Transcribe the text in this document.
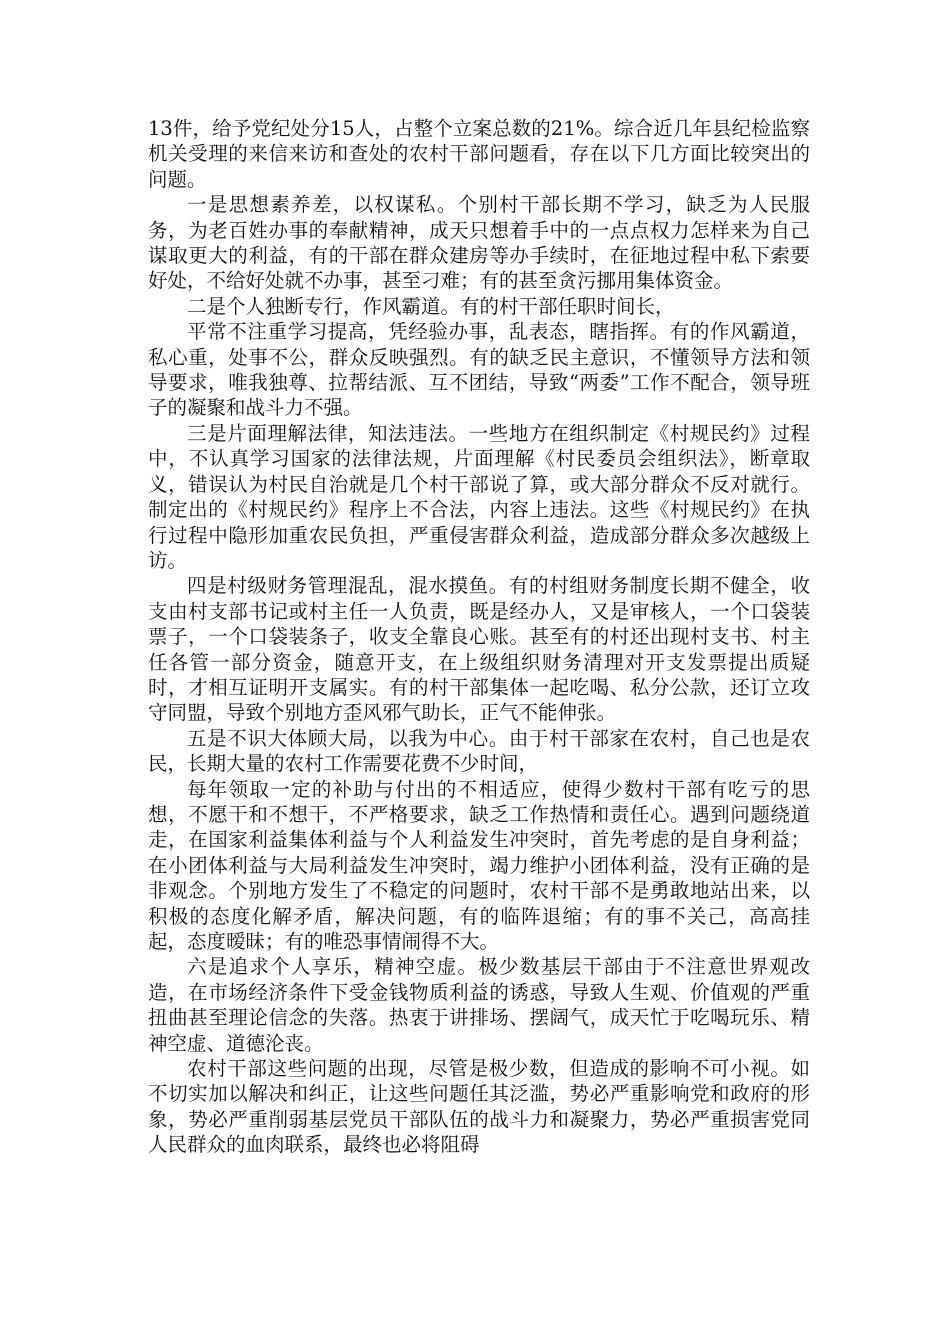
13件，给予党纪处分15人，占整个立案总数的21%。综合近几年县纪检监察机关受理的来信来访和查处的农村干部问题看，存在以下几方面比较突出的问题。

一是思想素养差，以权谋私。个别村干部长期不学习，缺乏为人民服务，为老百姓办事的奉献精神，成天只想着手中的一点点权力怎样来为自己谋取更大的利益，有的干部在群众建房等办手续时，在征地过程中私下索要好处，不给好处就不办事，甚至刁难；有的甚至贪污挪用集体资金。

二是个人独断专行，作风霸道。有的村干部任职时间长，

平常不注重学习提高，凭经验办事，乱表态，瞎指挥。有的作风霸道，私心重，处事不公，群众反映强烈。有的缺乏民主意识，不懂领导方法和领导要求，唯我独尊、拉帮结派、互不团结，导致“两委”工作不配合，领导班子的凝聚和战斗力不强。

三是片面理解法律，知法违法。一些地方在组织制定《村规民约》过程中，不认真学习国家的法律法规，片面理解《村民委员会组织法》，断章取义，错误认为村民自治就是几个村干部说了算，或大部分群众不反对就行。制定出的《村规民约》程序上不合法，内容上违法。这些《村规民约》在执行过程中隐形加重农民负担，严重侵害群众利益，造成部分群众多次越级上访。

四是村级财务管理混乱，混水摸鱼。有的村组财务制度长期不健全，收支由村支部书记或村主任一人负责，既是经办人，又是审核人，一个口袋装票子，一个口袋装条子，收支全靠良心账。甚至有的村还出现村支书、村主任各管一部分资金，随意开支，在上级组织财务清理对开支发票提出质疑时，才相互证明开支属实。有的村干部集体一起吃喝、私分公款，还订立攻守同盟，导致个别地方歪风邪气助长，正气不能伸张。

五是不识大体顾大局，以我为中心。由于村干部家在农村，自己也是农民，长期大量的农村工作需要花费不少时间，

每年领取一定的补助与付出的不相适应，使得少数村干部有吃亏的思想，不愿干和不想干，不严格要求，缺乏工作热情和责任心。遇到问题绕道走，在国家利益集体利益与个人利益发生冲突时，首先考虑的是自身利益；在小团体利益与大局利益发生冲突时，竭力维护小团体利益，没有正确的是非观念。个别地方发生了不稳定的问题时，农村干部不是勇敢地站出来，以积极的态度化解矛盾，解决问题，有的临阵退缩；有的事不关己，高高挂起，态度暧昧；有的唯恐事情闹得不大。

六是追求个人享乐，精神空虚。极少数基层干部由于不注意世界观改造，在市场经济条件下受金钱物质利益的诱惑，导致人生观、价值观的严重扭曲甚至理论信念的失落。热衷于讲排场、摆阔气，成天忙于吃喝玩乐、精神空虚、道德沦丧。

农村干部这些问题的出现，尽管是极少数，但造成的影响不可小视。如不切实加以解决和纠正，让这些问题任其泛滥，势必严重影响党和政府的形象，势必严重削弱基层党员干部队伍的战斗力和凝聚力，势必严重损害党同人民群众的血肉联系，最终也必将阻碍
